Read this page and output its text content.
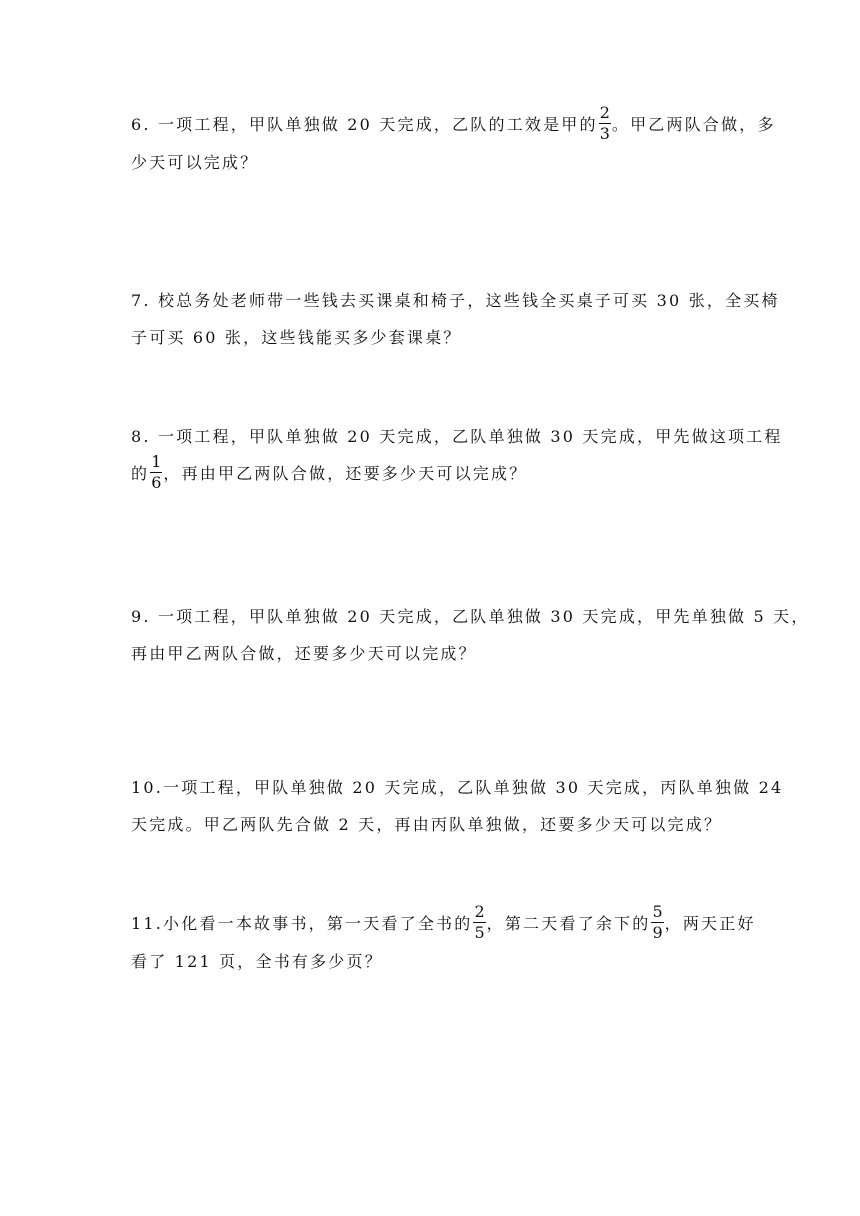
6. 一项工程，甲队单独做 20 天完成，乙队的工效是甲的 $\frac{2}{3}$ 。甲乙两队合做，多
少天可以完成？
7. 校总务处老师带一些钱去买课桌和椅子，这些钱全买桌子可买 30 张，全买椅
子可买 60 张，这些钱能买多少套课桌？
8. 一项工程，甲队单独做 20 天完成，乙队单独做 30 天完成，甲先做这项工程
的 $\frac{1}{6}$ ，再由甲乙两队合做，还要多少天可以完成？
9. 一项工程，甲队单独做 20 天完成，乙队单独做 30 天完成，甲先单独做 5 天，
再由甲乙两队合做，还要多少天可以完成？
10.一项工程，甲队单独做 20 天完成，乙队单独做 30 天完成，丙队单独做 24
天完成。甲乙两队先合做 2 天，再由丙队单独做，还要多少天可以完成？
11.小化看一本故事书，第一天看了全书的 $\frac{2}{5}$ ，第二天看了余下的 $\frac{5}{9}$ ，两天正好
看了 121 页，全书有多少页？
